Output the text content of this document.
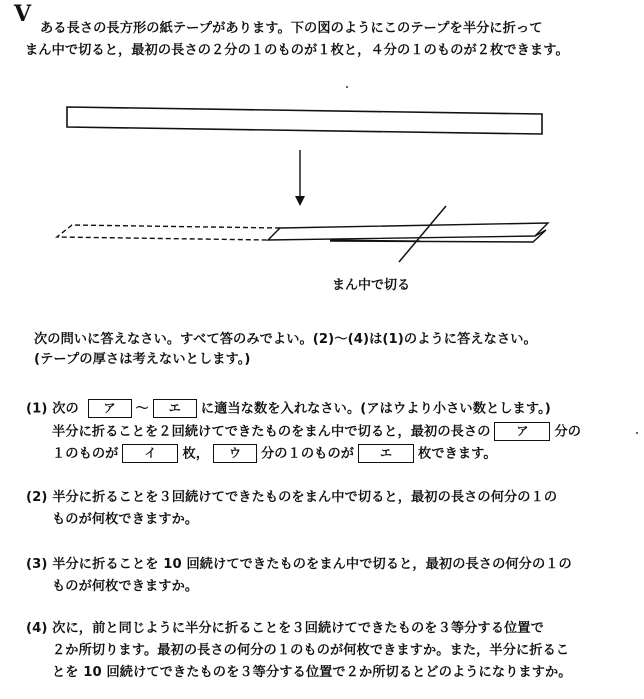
V
ある長さの長方形の紙テープがあります。下の図のようにこのテープを半分に折って
まん中で切ると，最初の長さの２分の１のものが１枚と，４分の１のものが２枚できます。
まん中で切る
次の問いに答えなさい。すべて答のみでよい。(2)～(4)は(1)のように答えなさい。
(テープの厚さは考えないとします。)
(1) 次の ア ～ エ に適当な数を入れなさい。(アはウより小さい数とします。)
半分に折ることを２回続けてできたものをまん中で切ると，最初の長さの ア 分の
１のものが イ 枚， ウ 分の１のものが エ 枚できます。
(2) 半分に折ることを３回続けてできたものをまん中で切ると，最初の長さの何分の１の
ものが何枚できますか。
(3) 半分に折ることを 10 回続けてできたものをまん中で切ると，最初の長さの何分の１の
ものが何枚できますか。
(4) 次に，前と同じように半分に折ることを３回続けてできたものを３等分する位置で
２か所切ります。最初の長さの何分の１のものが何枚できますか。また，半分に折るこ
とを 10 回続けてできたものを３等分する位置で２か所切るとどのようになりますか。
